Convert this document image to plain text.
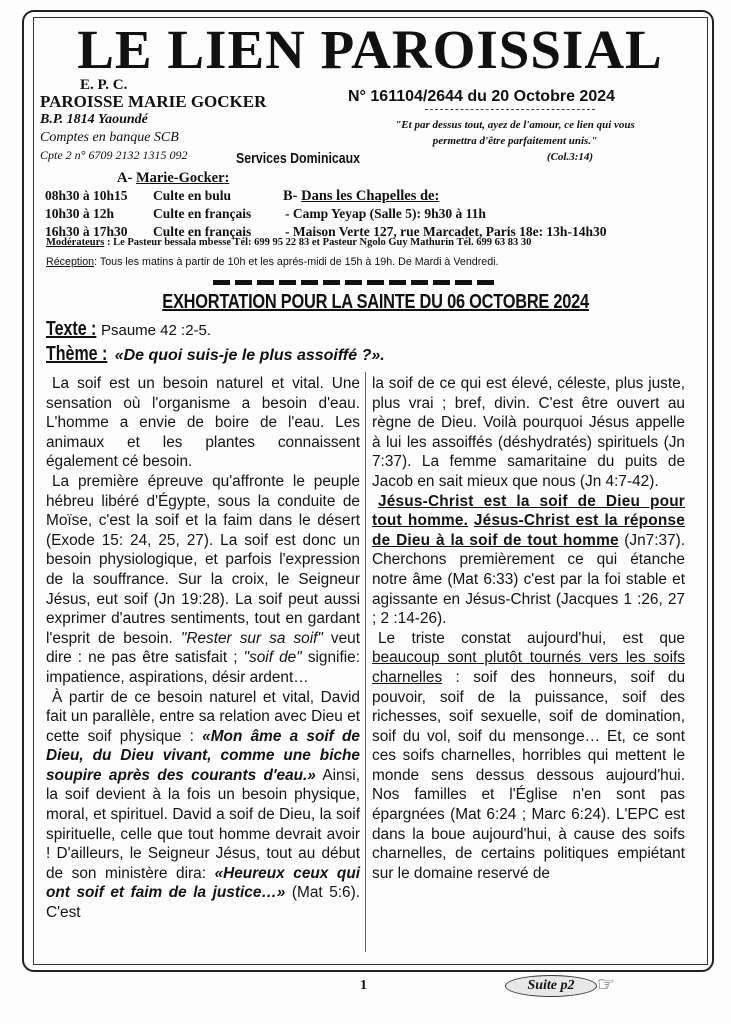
LE LIEN PAROISSIAL
E. P. C.
PAROISSE MARIE GOCKER
B.P. 1814 Yaoundé
Comptes en banque SCB
Cpte 2 n° 6709 2132 1315 092
N° 161104/2644 du 20 Octobre 2024
"Et par dessus tout, ayez de l'amour, ce lien qui vous
permettra d'être parfaitement unis."
(Col.3:14)
Services Dominicaux
A- Marie-Gocker:
08h30 à 10h15 Culte en bulu	B- Dans les Chapelles de:
10h30 à 12h	Culte en français	- Camp Yeyap (Salle 5): 9h30 à 11h
16h30 à 17h30 Culte en français	- Maison Verte 127, rue Marcadet, Paris 18e: 13h-14h30
Modérateurs : Le Pasteur bessala mbesse Tél: 699 95 22 83 et Pasteur Ngolo Guy Mathurin Tél. 699 63 83 30
Réception: Tous les matins à partir de 10h et les aprés-midi de 15h à 19h. De Mardi à Vendredi.
EXHORTATION POUR LA SAINTE DU 06 OCTOBRE 2024
Texte : Psaume 42 :2-5.
Thème : «De quoi suis-je le plus assoiffé ?».

La soif est un besoin naturel et vital. Une sensation où l'organisme a besoin d'eau. L'homme a envie de boire de l'eau. Les animaux et les plantes connaissent également cé besoin.

La première épreuve qu'affronte le peuple hébreu libéré d'Égypte, sous la conduite de Moïse, c'est la soif et la faim dans le désert (Exode 15: 24, 25, 27). La soif est donc un besoin physiologique, et parfois l'expression de la souffrance. Sur la croix, le Seigneur Jésus, eut soif (Jn 19:28). La soif peut aussi exprimer d'autres sentiments, tout en gardant l'esprit de besoin. "Rester sur sa soif" veut dire : ne pas être satisfait ; "soif de" signifie: impatience, aspirations, désir ardent…

À partir de ce besoin naturel et vital, David fait un parallèle, entre sa relation avec Dieu et cette soif physique : «Mon âme a soif de Dieu, du Dieu vivant, comme une biche soupire après des courants d'eau.» Ainsi, la soif devient à la fois un besoin physique, moral, et spirituel. David a soif de Dieu, la soif spirituelle, celle que tout homme devrait avoir ! D'ailleurs, le Seigneur Jésus, tout au début de son ministère dira: «Heureux ceux qui ont soif et faim de la justice…» (Mat 5:6). C'est

la soif de ce qui est élevé, céleste, plus juste, plus vrai ; bref, divin. C'est être ouvert au règne de Dieu. Voilà pourquoi Jésus appelle à lui les assoiffés (déshydratés) spirituels (Jn 7:37). La femme samaritaine du puits de Jacob en sait mieux que nous (Jn 4:7-42).

Jésus-Christ est la soif de Dieu pour tout homme. Jésus-Christ est la réponse de Dieu à la soif de tout homme (Jn7:37). Cherchons premièrement ce qui étanche notre âme (Mat 6:33) c'est par la foi stable et agissante en Jésus-Christ (Jacques 1 :26, 27 ; 2 :14-26).

Le triste constat aujourd'hui, est que beaucoup sont plutôt tournés vers les soifs charnelles : soif des honneurs, soif du pouvoir, soif de la puissance, soif des richesses, soif sexuelle, soif de domination, soif du vol, soif du mensonge… Et, ce sont ces soifs charnelles, horribles qui mettent le monde sens dessus dessous aujourd'hui. Nos familles et l'Église n'en sont pas épargnées (Mat 6:24 ; Marc 6:24). L'EPC est dans la boue aujourd'hui, à cause des soifs charnelles, de certains politiques empiétant sur le domaine reservé de

1	Suite p2	☞
